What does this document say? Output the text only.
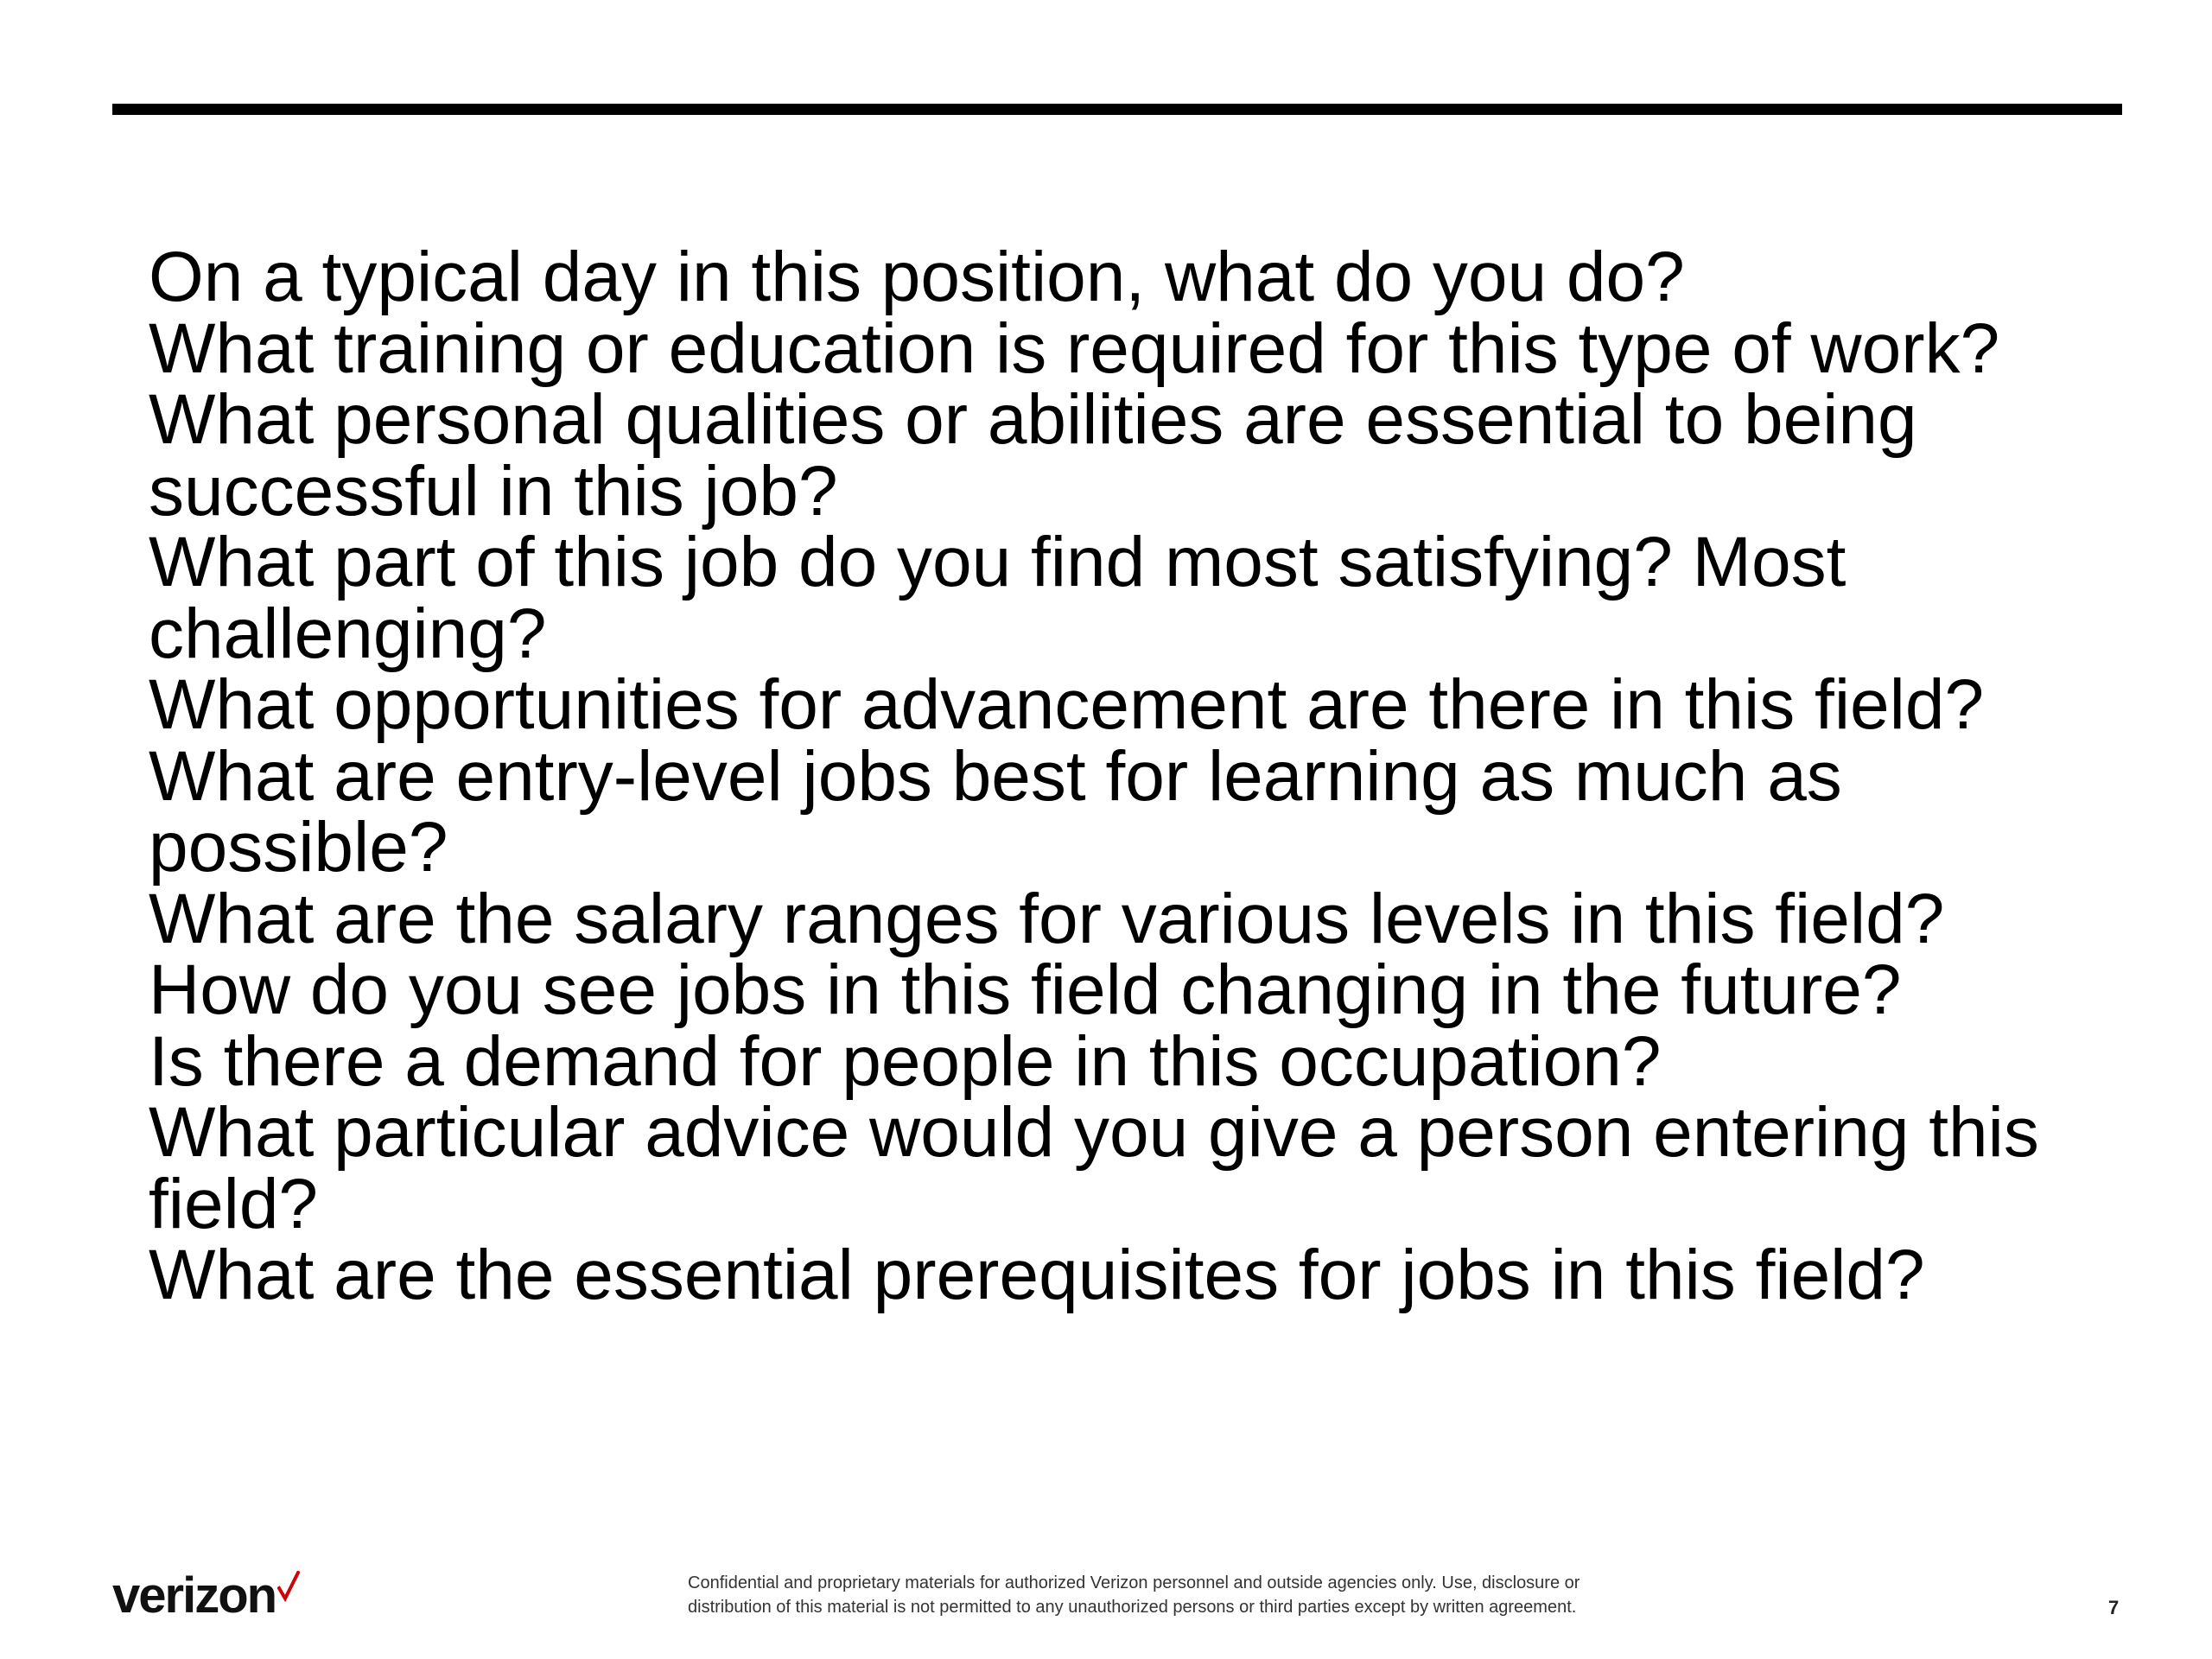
On a typical day in this position, what do you do?
What training or education is required for this type of work?
What personal qualities or abilities are essential to being successful in this job?
What part of this job do you find most satisfying? Most challenging?
What opportunities for advancement are there in this field?
What are entry-level jobs best for learning as much as possible?
What are the salary ranges for various levels in this field?
How do you see jobs in this field changing in the future?
Is there a demand for people in this occupation?
What particular advice would you give a person entering this field?
What are the essential prerequisites for jobs in this field?
verizon	Confidential and proprietary materials for authorized Verizon personnel and outside agencies only. Use, disclosure or
distribution of this material is not permitted to any unauthorized persons or third parties except by written agreement.	7
